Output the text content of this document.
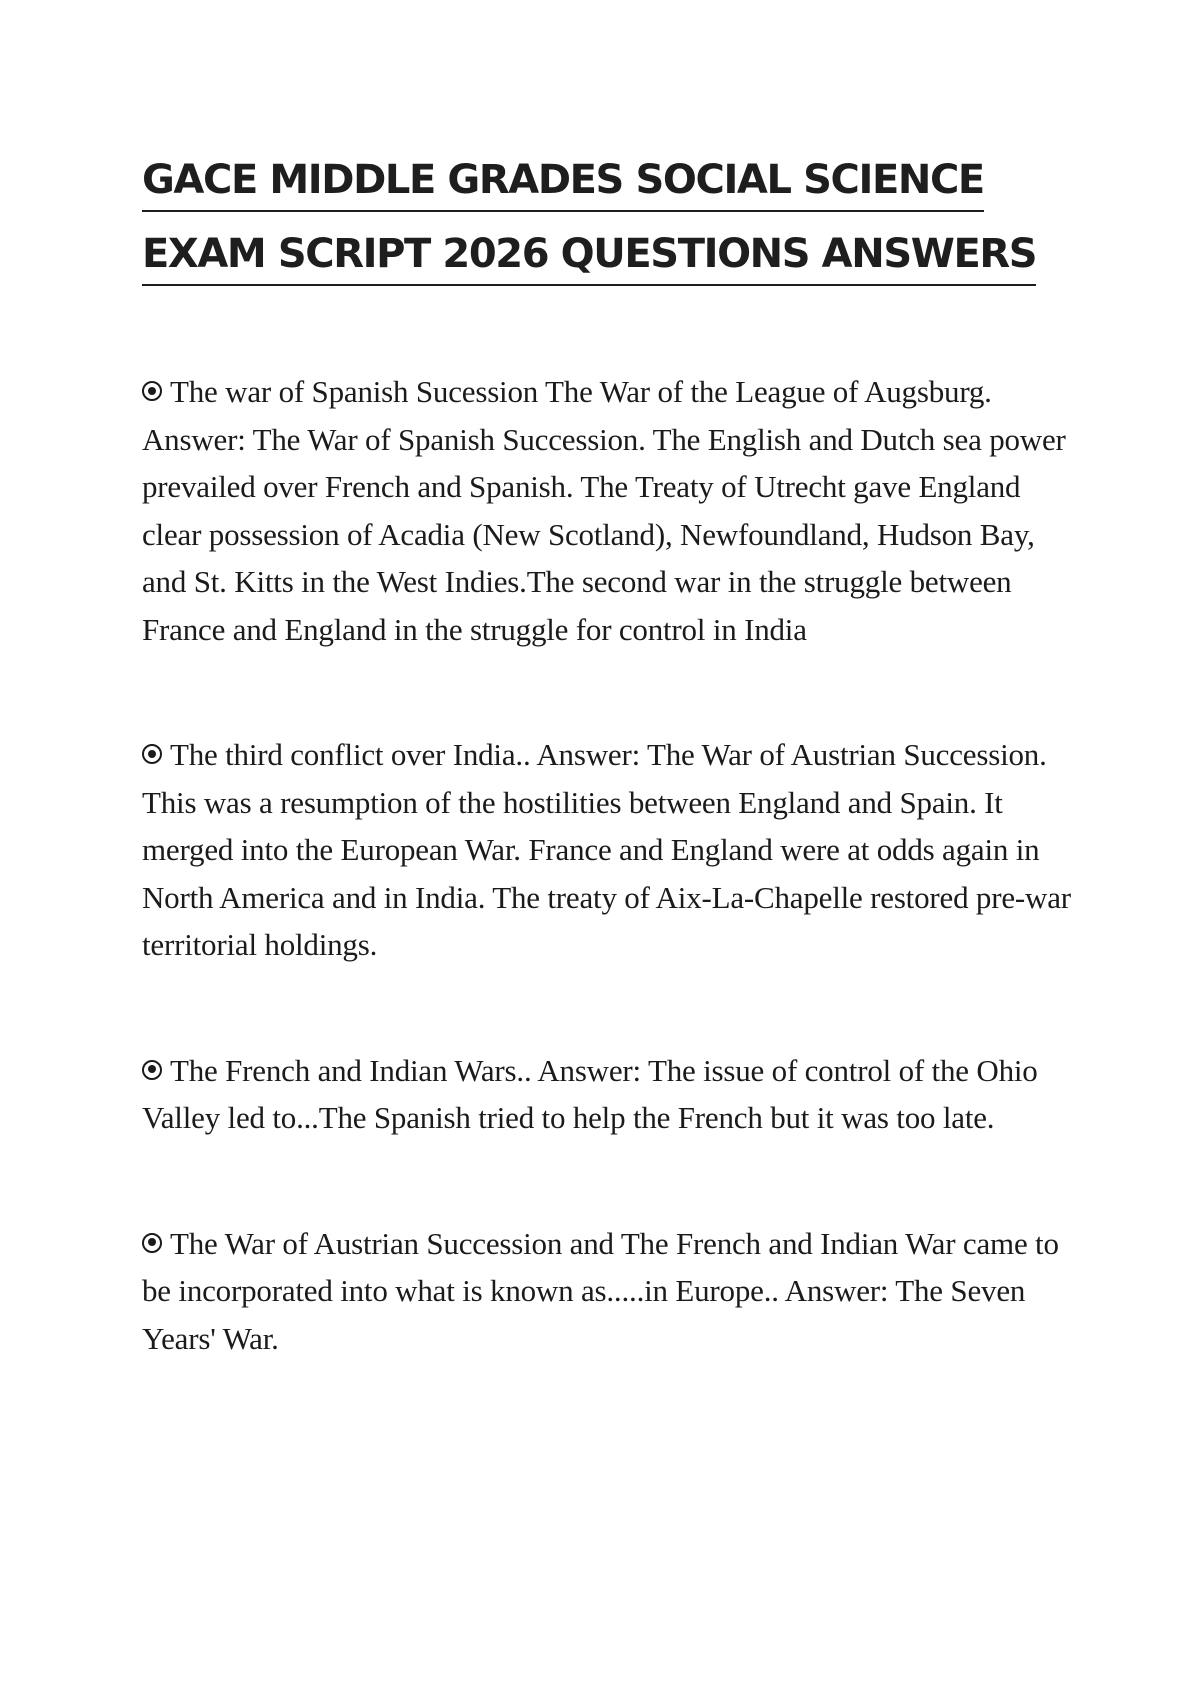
GACE MIDDLE GRADES SOCIAL SCIENCE
EXAM SCRIPT 2026 QUESTIONS ANSWERS

The war of Spanish Sucession The War of the League of Augsburg. Answer: The War of Spanish Succession. The English and Dutch sea power prevailed over French and Spanish. The Treaty of Utrecht gave England clear possession of Acadia (New Scotland), Newfoundland, Hudson Bay, and St. Kitts in the West Indies.The second war in the struggle between France and England in the struggle for control in India

The third conflict over India.. Answer: The War of Austrian Succession. This was a resumption of the hostilities between England and Spain. It merged into the European War. France and England were at odds again in North America and in India. The treaty of Aix-La-Chapelle restored pre-war territorial holdings.

The French and Indian Wars.. Answer: The issue of control of the Ohio Valley led to...The Spanish tried to help the French but it was too late.

The War of Austrian Succession and The French and Indian War came to be incorporated into what is known as.....in Europe.. Answer: The Seven Years' War.
